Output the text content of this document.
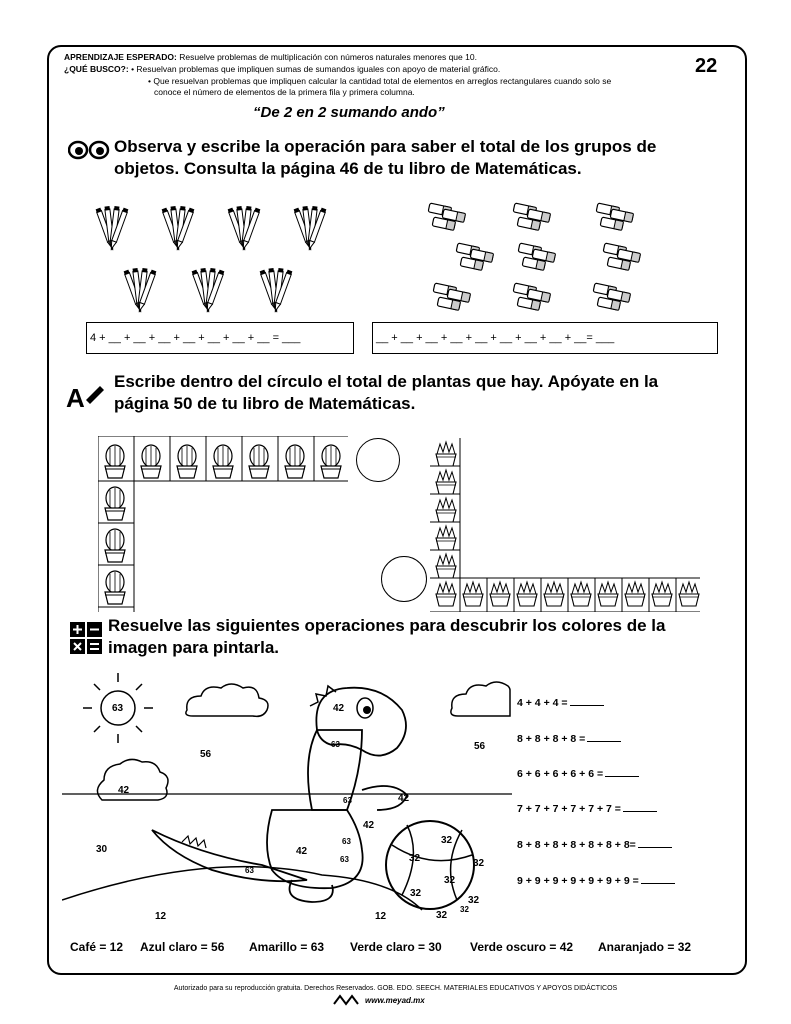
APRENDIZAJE ESPERADO: Resuelve problemas de multiplicación con números naturales menores que 10.
¿QUÉ BUSCO?: • Resuelvan problemas que impliquen sumas de sumandos iguales con apoyo de material gráfico.
• Que resuelvan problemas que impliquen calcular la cantidad total de elementos en arreglos rectangulares cuando solo se
conoce el número de elementos de la primera fila y primera columna.
22
“De 2 en 2 sumando ando”
Observa y escribe la operación para saber el total de los grupos de
objetos. Consulta la página 46 de tu libro de Matemáticas.
4 + __ + __ + __ + __ + __ + __ + __ = ___	__ + __ + __ + __ + __ + __ + __ + __ + __= ___
A
Escribe dentro del círculo el total de plantas que hay. Apóyate en la
página 50 de tu libro de Matemáticas.
Resuelve las siguientes operaciones para descubrir los colores de la
imagen para pintarla.
63
56
56
42
30
12	12
42
63
42
63
63
63
42
42
63
32
32	32
32
32
32
32
32
4 + 4 + 4 =
8 + 8 + 8 + 8 =
6 + 6 + 6 + 6 + 6 =
7 + 7 + 7 + 7 + 7 + 7 =
8 + 8 + 8 + 8 + 8 + 8 + 8=
9 + 9 + 9 + 9 + 9 + 9 + 9 =
Café = 12 Azul claro = 56 Amarillo = 63 Verde claro = 30 Verde oscuro = 42 Anaranjado = 32
Autorizado para su reproducción gratuita. Derechos Reservados. GOB. EDO. SEECH. MATERIALES EDUCATIVOS Y APOYOS DIDÁCTICOS
www.meyad.mx
